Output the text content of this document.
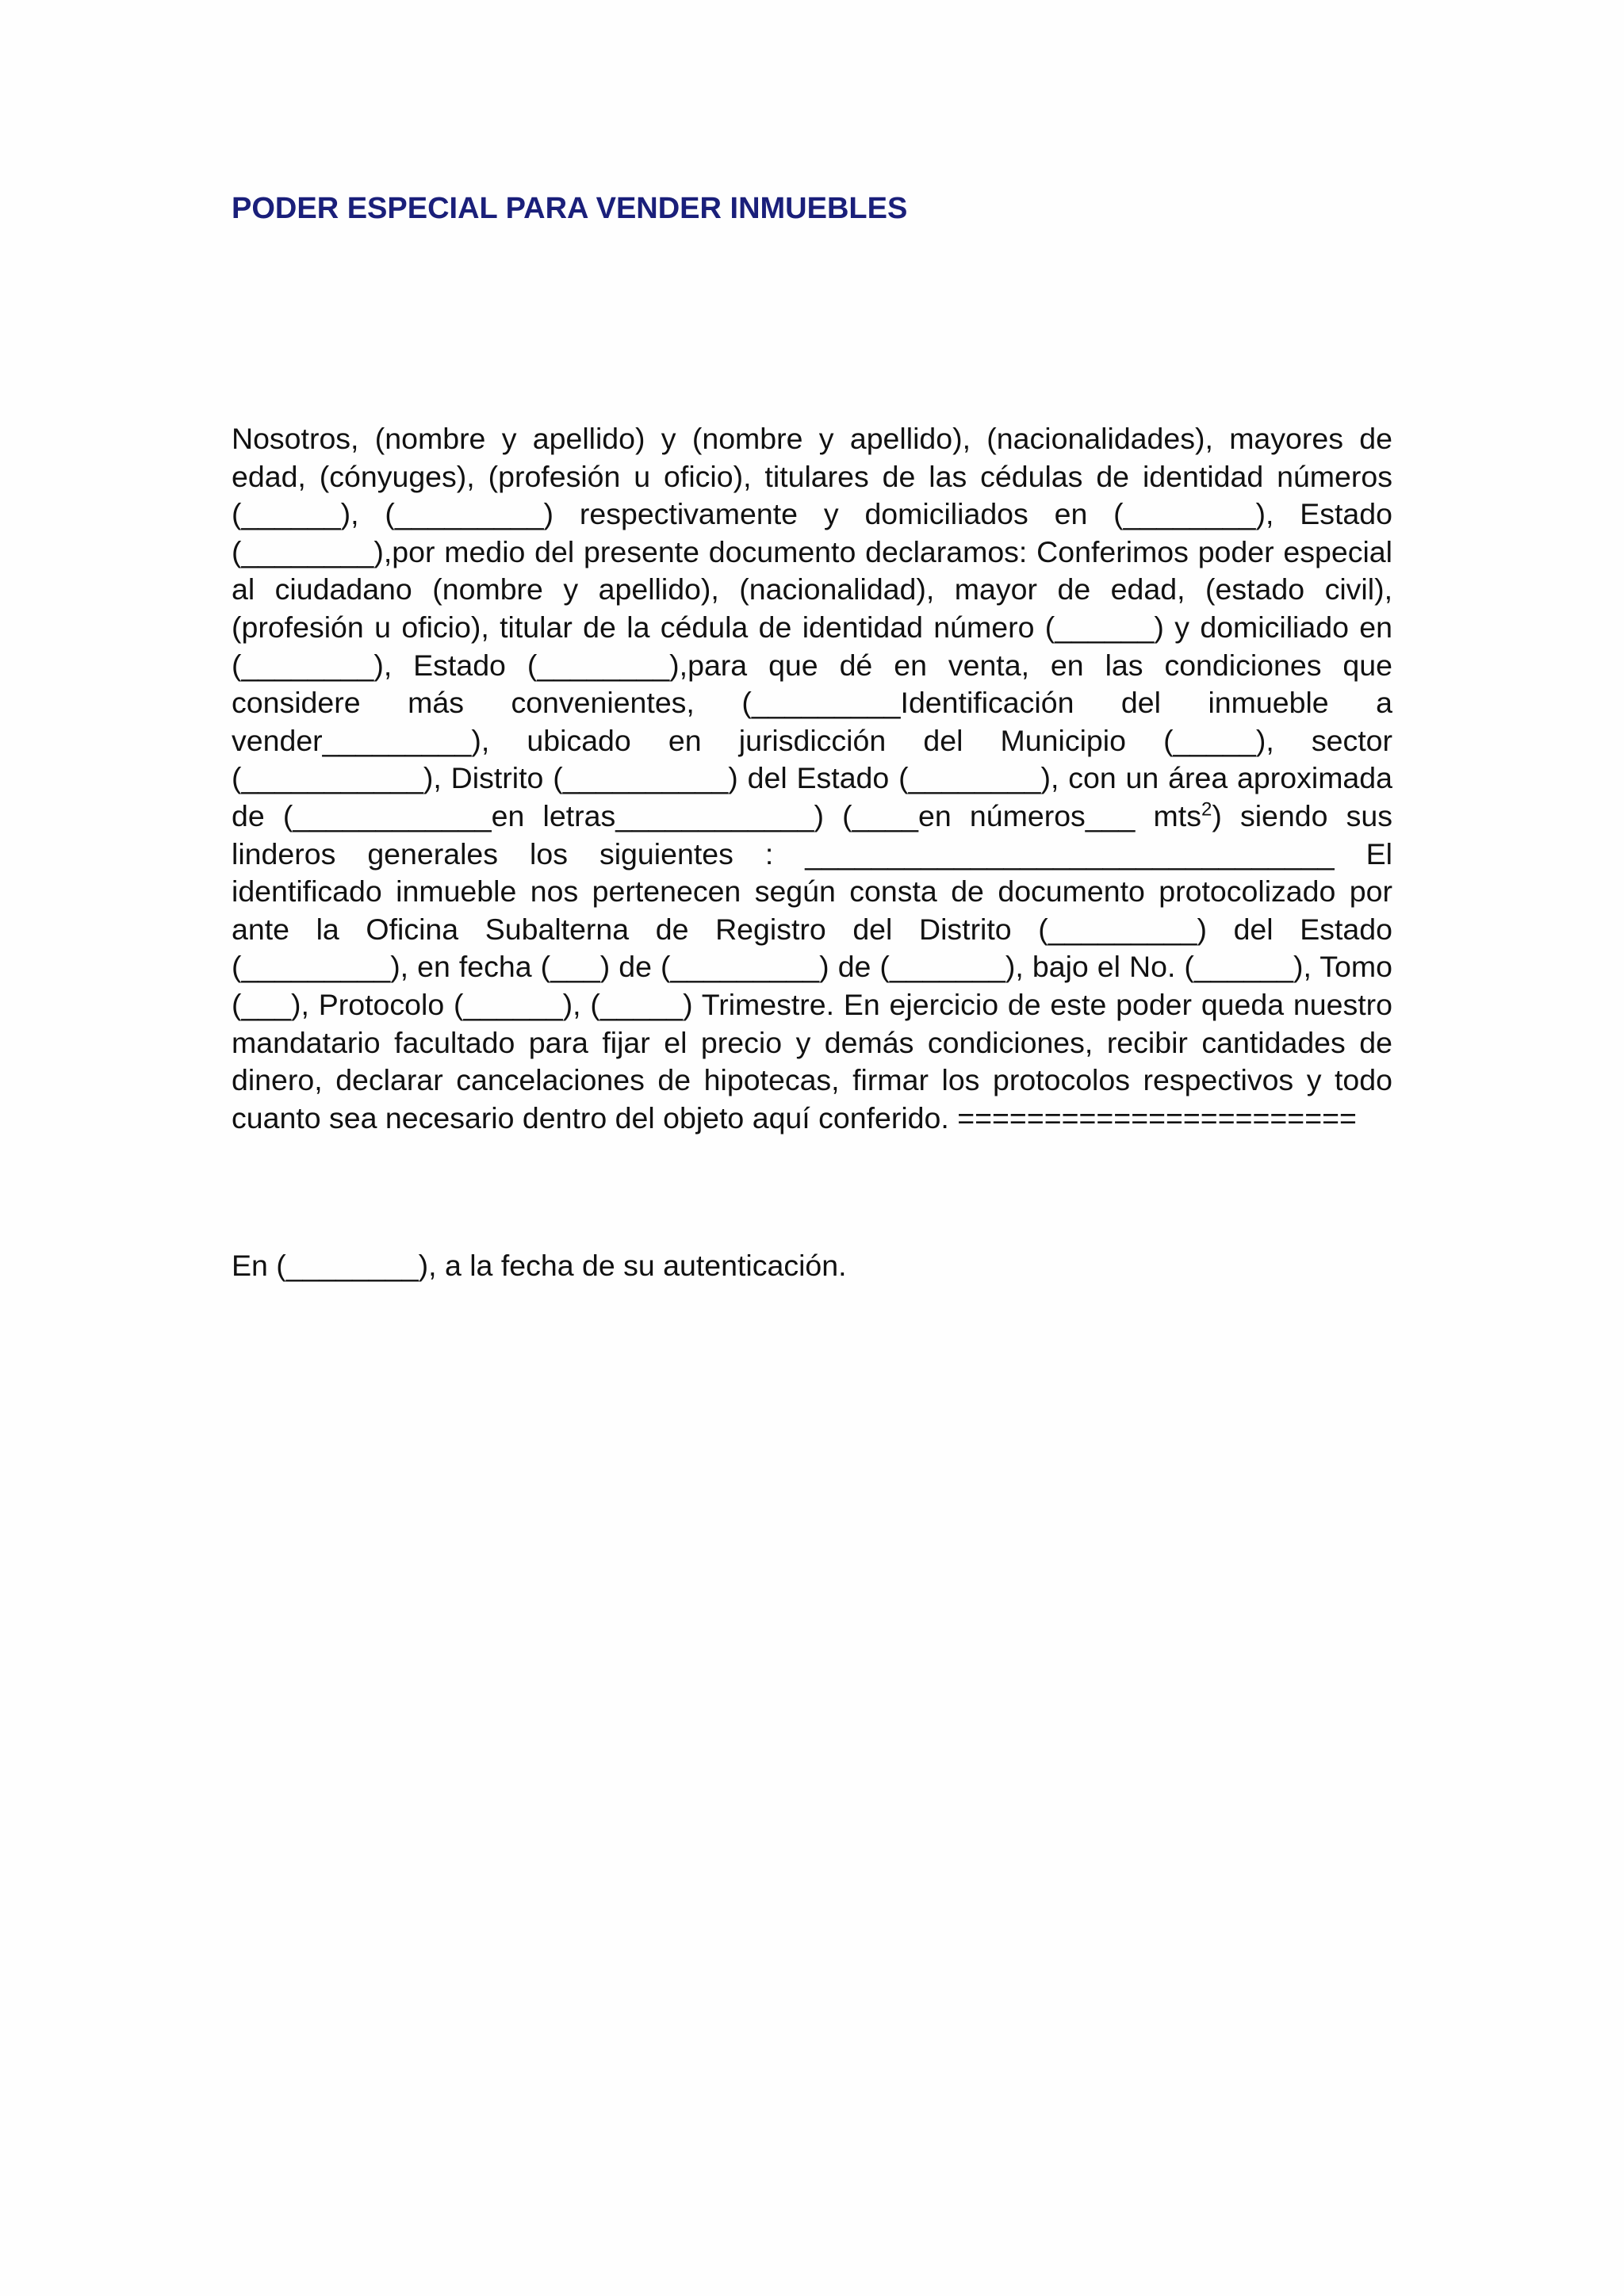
PODER ESPECIAL PARA VENDER INMUEBLES

Nosotros, (nombre y apellido) y (nombre y apellido), (nacionalidades), mayores de edad, (cónyuges), (profesión u oficio), titulares de las cédulas de identidad números (______), (_________) respectivamente y domiciliados en (________), Estado (________),por medio del presente documento declaramos: Conferimos poder especial al ciudadano (nombre y apellido), (nacionalidad), mayor de edad, (estado civil), (profesión u oficio), titular de la cédula de identidad número (______) y domiciliado en (________), Estado (________),para que dé en venta, en las condiciones que considere más convenientes, (_________Identificación del inmueble a vender_________), ubicado en jurisdicción del Municipio (_____), sector (___________), Distrito (__________) del Estado (________), con un área aproximada de (____________en letras____________) (____en números___ mts$^2$) siendo sus linderos generales los siguientes : ________________________________ El identificado inmueble nos pertenecen según consta de documento protocolizado por ante la Oficina Subalterna de Registro del Distrito (_________) del Estado (_________), en fecha (___) de (_________) de (_______), bajo el No. (______), Tomo (___), Protocolo (______), (_____) Trimestre. En ejercicio de este poder queda nuestro mandatario facultado para fijar el precio y demás condiciones, recibir cantidades de dinero, declarar cancelaciones de hipotecas, firmar los protocolos respectivos y todo cuanto sea necesario dentro del objeto aquí conferido. =======================

En (________), a la fecha de su autenticación.
